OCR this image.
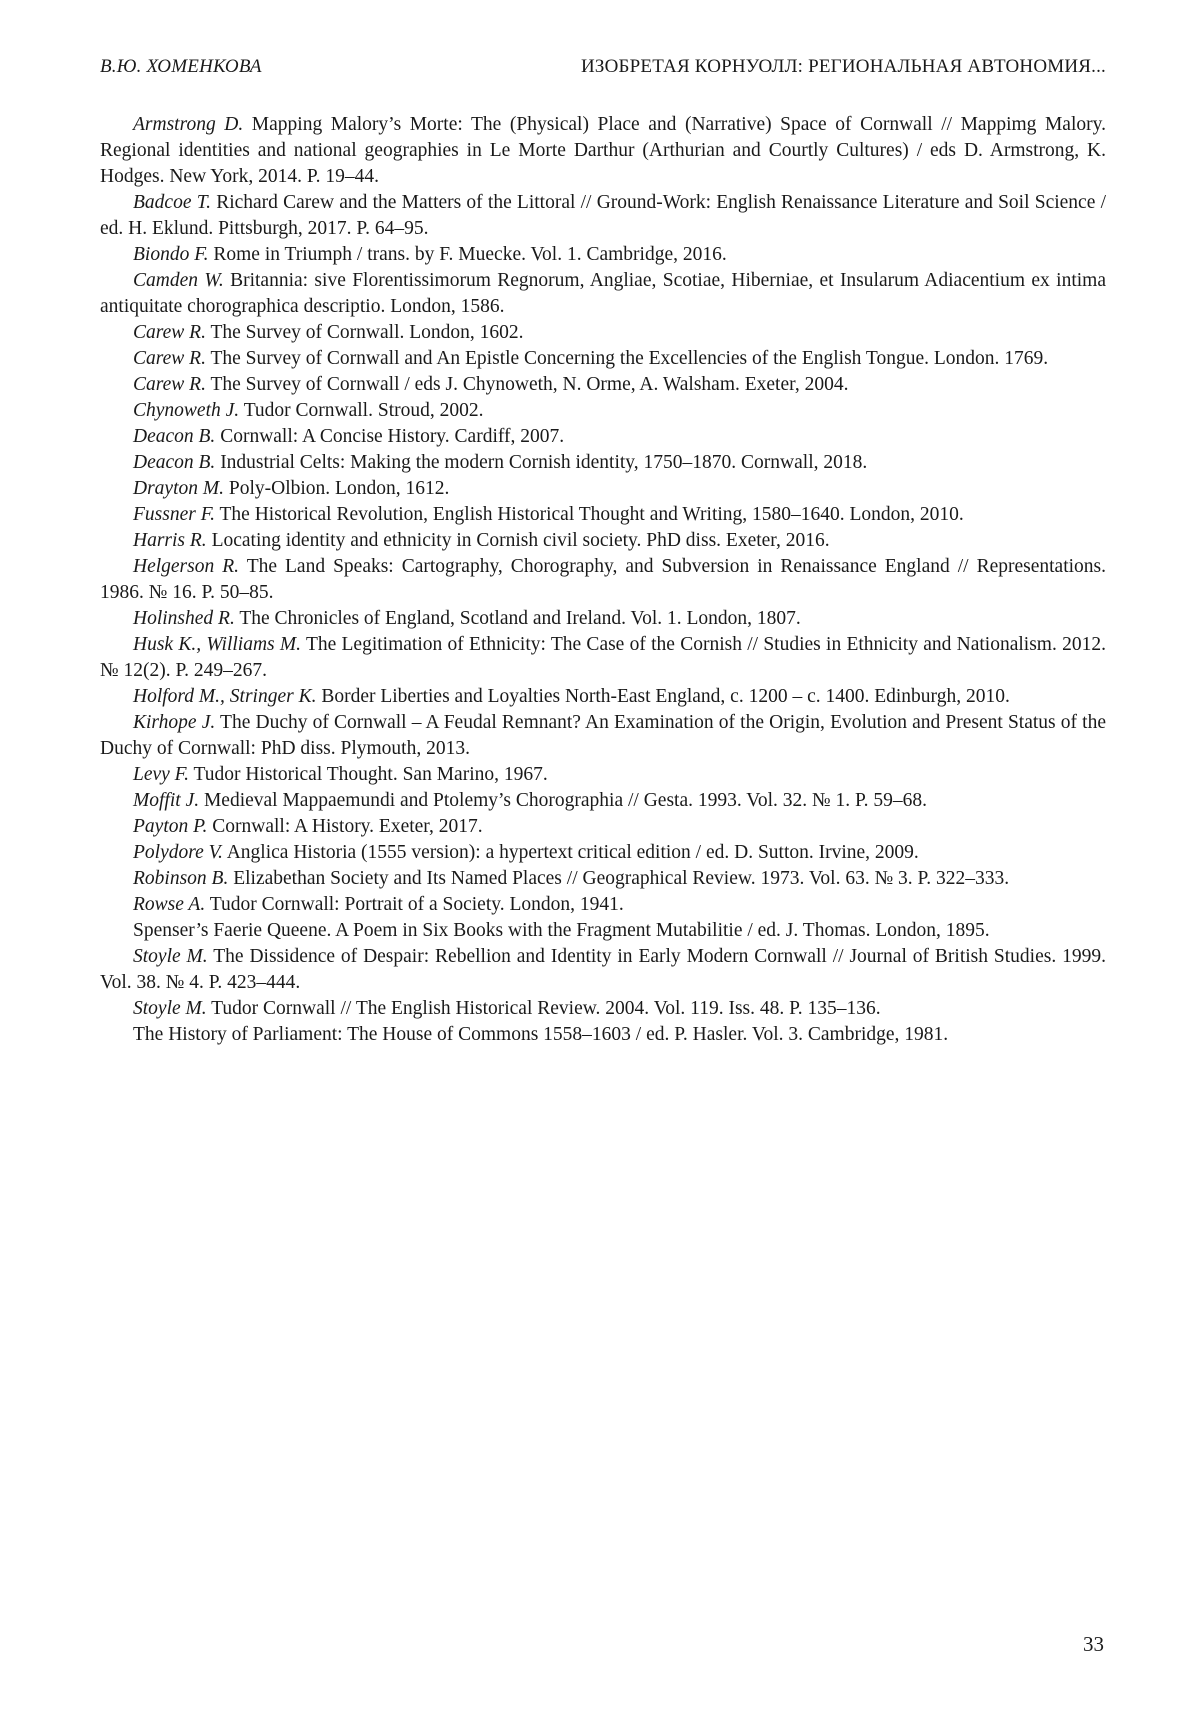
В.Ю. ХОМЕНКОВА	ИЗОБРЕТАЯ КОРНУОЛЛ: РЕГИОНАЛЬНАЯ АВТОНОМИЯ...

Armstrong D. Mapping Malory’s Morte: The (Physical) Place and (Narrative) Space of Cornwall // Mappimg Malory. Regional identities and national geographies in Le Morte Darthur (Arthurian and Courtly Cultures) / eds D. Armstrong, K. Hodges. New York, 2014. P. 19–44.

Badcoe T. Richard Carew and the Matters of the Littoral // Ground-Work: English Renaissance Literature and Soil Science / ed. H. Eklund. Pittsburgh, 2017. P. 64–95.

Biondo F. Rome in Triumph / trans. by F. Muecke. Vol. 1. Cambridge, 2016.

Camden W. Britannia: sive Florentissimorum Regnorum, Angliae, Scotiae, Hiberniae, et Insularum Adiacentium ex intima antiquitate chorographica descriptio. London, 1586.

Carew R. The Survey of Cornwall. London, 1602.

Carew R. The Survey of Cornwall and An Epistle Concerning the Excellencies of the English Tongue. London. 1769.

Carew R. The Survey of Cornwall / eds J. Chynoweth, N. Orme, A. Walsham. Exeter, 2004.

Chynoweth J. Tudor Cornwall. Stroud, 2002.

Deacon B. Cornwall: A Concise History. Cardiff, 2007.

Deacon B. Industrial Celts: Making the modern Cornish identity, 1750–1870. Cornwall, 2018.

Drayton M. Poly-Olbion. London, 1612.

Fussner F. The Historical Revolution, English Historical Thought and Writing, 1580–1640. London, 2010.

Harris R. Locating identity and ethnicity in Cornish civil society. PhD diss. Exeter, 2016.

Helgerson R. The Land Speaks: Cartography, Chorography, and Subversion in Renaissance England // Representations. 1986. № 16. P. 50–85.

Holinshed R. The Chronicles of England, Scotland and Ireland. Vol. 1. London, 1807.

Husk K., Williams M. The Legitimation of Ethnicity: The Case of the Cornish // Studies in Ethnicity and Nationalism. 2012. № 12(2). P. 249–267.

Holford M., Stringer K. Border Liberties and Loyalties North-East England, c. 1200 – c. 1400. Edinburgh, 2010.

Kirhope J. The Duchy of Cornwall – A Feudal Remnant? An Examination of the Origin, Evolution and Present Status of the Duchy of Cornwall: PhD diss. Plymouth, 2013.

Levy F. Tudor Historical Thought. San Marino, 1967.

Moffit J. Medieval Mappaemundi and Ptolemy’s Chorographia // Gesta. 1993. Vol. 32. № 1. P. 59–68.

Payton P. Cornwall: A History. Exeter, 2017.

Polydore V. Anglica Historia (1555 version): a hypertext critical edition / ed. D. Sutton. Irvine, 2009.

Robinson B. Elizabethan Society and Its Named Places // Geographical Review. 1973. Vol. 63. № 3. P. 322–333.

Rowse A. Tudor Cornwall: Portrait of a Society. London, 1941.

Spenser’s Faerie Queene. A Poem in Six Books with the Fragment Mutabilitie / ed. J. Thomas. London, 1895.

Stoyle M. The Dissidence of Despair: Rebellion and Identity in Early Modern Cornwall // Journal of British Studies. 1999. Vol. 38. № 4. P. 423–444.

Stoyle M. Tudor Cornwall // The English Historical Review. 2004. Vol. 119. Iss. 48. P. 135–136.

The History of Parliament: The House of Commons 1558–1603 / ed. P. Hasler. Vol. 3. Cambridge, 1981.

33
